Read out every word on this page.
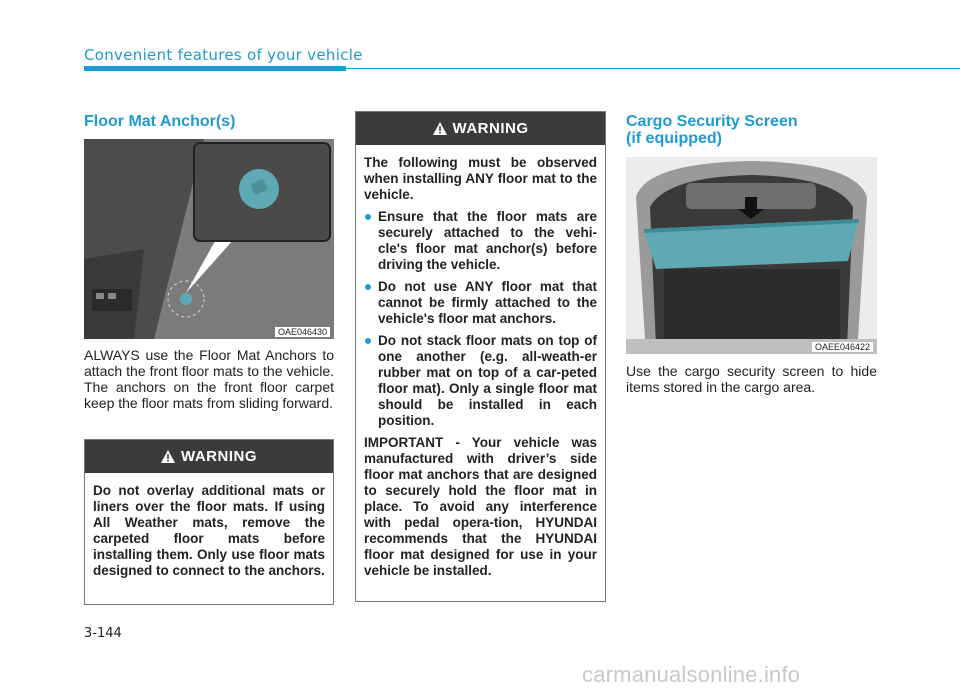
Convenient features of your vehicle
Floor Mat Anchor(s)
OAE046430
ALWAYS use the Floor Mat Anchors to attach the front floor mats to the vehicle. The anchors on the front floor carpet keep the floor mats from sliding forward.
WARNING

Do not overlay additional mats or liners over the floor mats. If using All Weather mats, remove the carpeted floor mats before installing them. Only use floor mats designed to connect to the anchors.

WARNING

The following must be observed when installing ANY floor mat to the vehicle.

Ensure that the floor mats are securely attached to the vehi-cle's floor mat anchor(s) before driving the vehicle.
Do not use ANY floor mat that cannot be firmly attached to the vehicle's floor mat anchors.
Do not stack floor mats on top of one another (e.g. all-weath-er rubber mat on top of a car-peted floor mat). Only a single floor mat should be installed in each position.

IMPORTANT - Your vehicle was manufactured with driver’s side floor mat anchors that are designed to securely hold the floor mat in place. To avoid any interference with pedal opera-tion, HYUNDAI recommends that the HYUNDAI floor mat designed for use in your vehicle be installed.

Cargo Security Screen
(if equipped)
OAEE046422
Use the cargo security screen to hide items stored in the cargo area.
3-144
carmanualsonline.info
